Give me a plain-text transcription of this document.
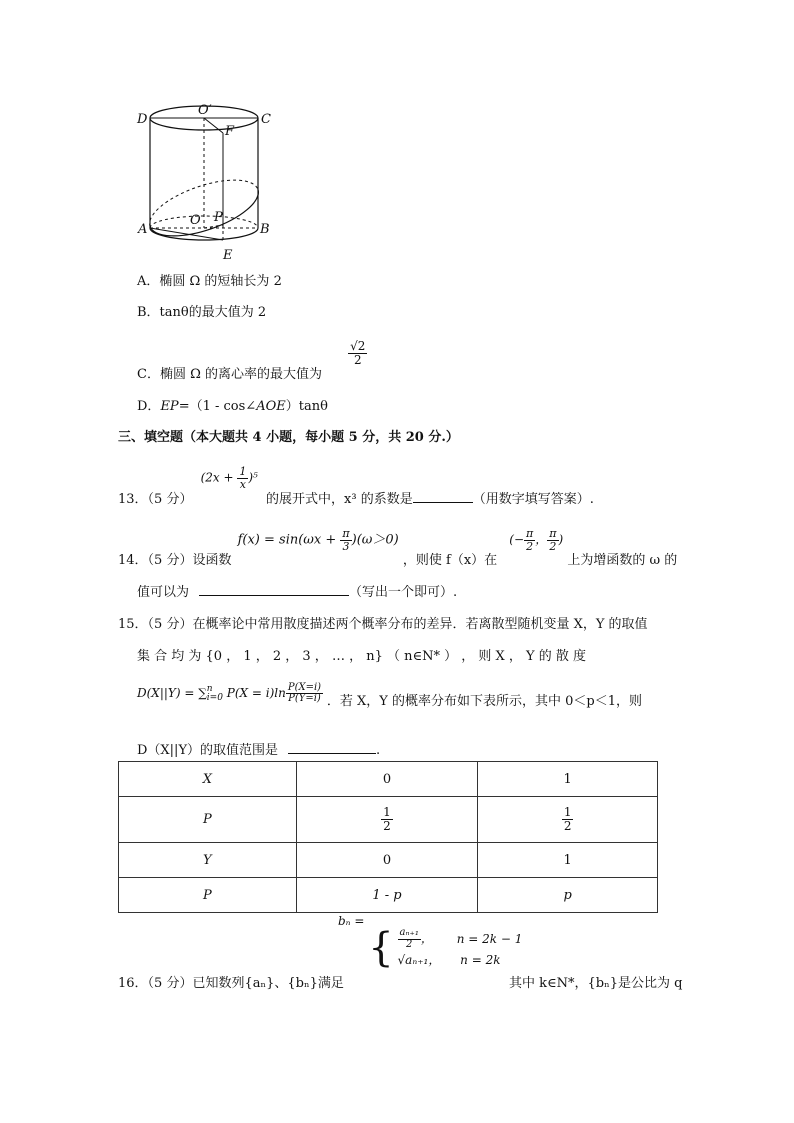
D	C
O′
F
O P
A	B
E
A．椭圆 Ω 的短轴长为 2
B．tanθ的最大值为 2
C．椭圆 Ω 的离心率的最大值为
$\frac{√2}{2}$
D．EP=（1 - cos∠AOE）tanθ
三、填空题（本大题共 4 小题，每小题 5 分，共 20 分.）
13．（5 分） $(2x + \frac{1}{x} )^5$ 的展开式中，x³ 的系数是	（用数字填写答案）.
14．（5 分）设函数 $f(x) = \sin(\omega x + \frac{\pi}{3} )(\omega>0)$ ，则使 f（x）在 (− $\frac{\pi}{2}$ ， $\frac{\pi}{2}$ ) 上为增函数的 ω 的
值可以为	（写出一个即可）.
15．（5 分）在概率论中常用散度描述两个概率分布的差异．若离散型随机变量 X，Y 的取值
集 合 均 为 {0 ， 1 ， 2 ， 3 ， … ， n} （ n∈N* ） ， 则 X ， Y 的 散 度
D(X||Y) = ∑ n
i=0 $P(X = i)\ln \frac{P(X=i)}{P(Y=i)}$ ．若 X，Y 的概率分布如下表所示，其中 0＜p＜1，则
D（X||Y）的取值范围是	.
X	0	1
P	$\frac{1}{2}$	$\frac{1}{2}$

Y	0	1
P	1 - p	p
16．（5 分）已知数列{aₙ}、{bₙ}满足
bₙ = { $\frac{\text{aₙ₊₁}}{2}$ ， n = 2k − 1
√aₙ₊₁， n = 2k
其中 k∈N*，{bₙ}是公比为 q
